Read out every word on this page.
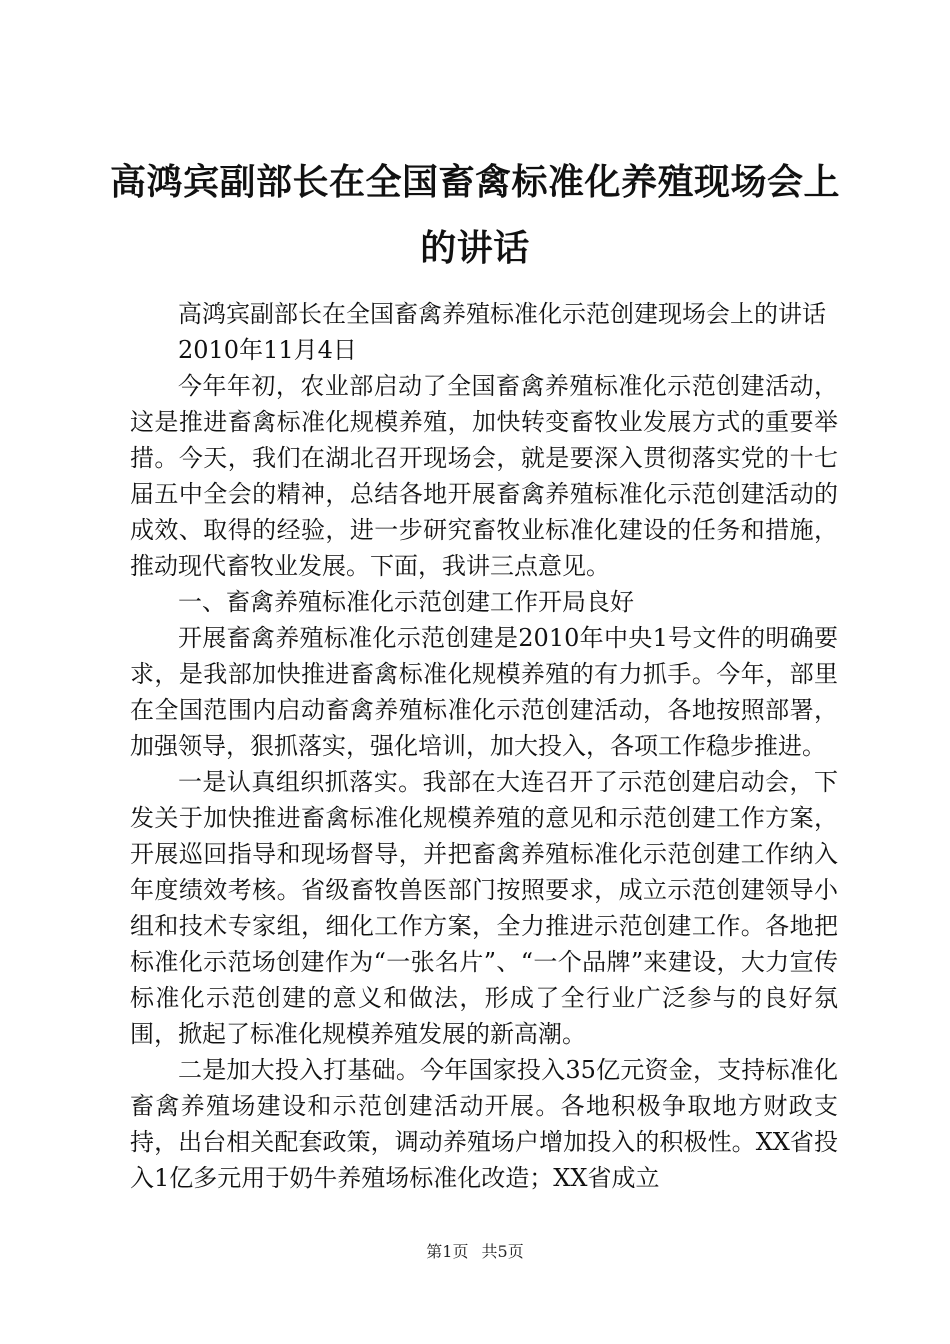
高鸿宾副部长在全国畜禽标准化养殖现场会上的讲话

高鸿宾副部长在全国畜禽养殖标准化示范创建现场会上的讲话

2010年11月4日

今年年初，农业部启动了全国畜禽养殖标准化示范创建活动，这是推进畜禽标准化规模养殖，加快转变畜牧业发展方式的重要举措。今天，我们在湖北召开现场会，就是要深入贯彻落实党的十七届五中全会的精神，总结各地开展畜禽养殖标准化示范创建活动的成效、取得的经验，进一步研究畜牧业标准化建设的任务和措施，推动现代畜牧业发展。下面，我讲三点意见。

一、畜禽养殖标准化示范创建工作开局良好

开展畜禽养殖标准化示范创建是2010年中央1号文件的明确要求，是我部加快推进畜禽标准化规模养殖的有力抓手。今年，部里在全国范围内启动畜禽养殖标准化示范创建活动，各地按照部署，加强领导，狠抓落实，强化培训，加大投入，各项工作稳步推进。

一是认真组织抓落实。我部在大连召开了示范创建启动会，下发关于加快推进畜禽标准化规模养殖的意见和示范创建工作方案，开展巡回指导和现场督导，并把畜禽养殖标准化示范创建工作纳入年度绩效考核。省级畜牧兽医部门按照要求，成立示范创建领导小组和技术专家组，细化工作方案，全力推进示范创建工作。各地把标准化示范场创建作为“一张名片”、“一个品牌”来建设，大力宣传标准化示范创建的意义和做法，形成了全行业广泛参与的良好氛围，掀起了标准化规模养殖发展的新高潮。

二是加大投入打基础。今年国家投入35亿元资金，支持标准化畜禽养殖场建设和示范创建活动开展。各地积极争取地方财政支持，出台相关配套政策，调动养殖场户增加投入的积极性。XX省投入1亿多元用于奶牛养殖场标准化改造；XX省成立

第1页 共5页
